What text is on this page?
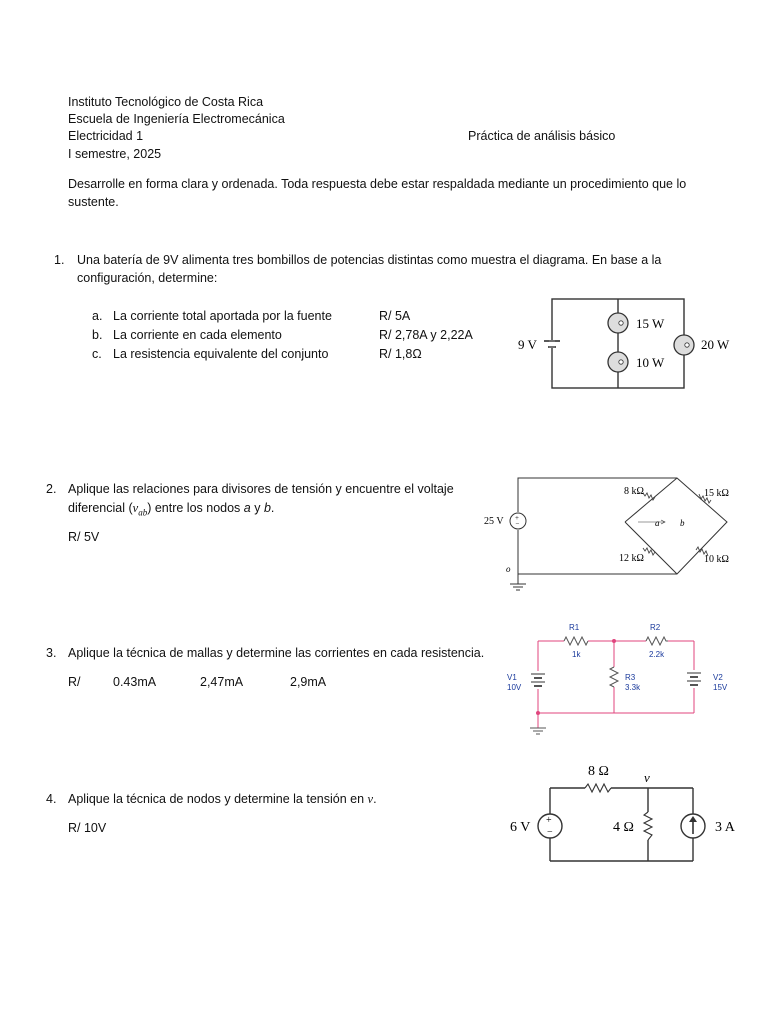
Instituto Tecnológico de Costa Rica
Escuela de Ingeniería Electromecánica
Electricidad 1
I semestre, 2025
Práctica de análisis básico
Desarrolle en forma clara y ordenada. Toda respuesta debe estar respaldada mediante un procedimiento que lo
sustente.
1. Una batería de 9V alimenta tres bombillos de potencias distintas como muestra el diagrama. En base a la
configuración, determine:
a. La corriente total aportada por la fuente	R/ 5A
b. La corriente en cada elemento	R/ 2,78A y 2,22A
c. La resistencia equivalente del conjunto	R/ 1,8Ω
9 V
15 W
10 W
20 W
2. Aplique las relaciones para divisores de tensión y encuentre el voltaje
diferencial $(v_{ab})$ entre los nodos a y b.
R/ 5V
+
−
25 V
8 kΩ	15 kΩ
12 kΩ	10 kΩ
a b
o
3. Aplique la técnica de mallas y determine las corrientes en cada resistencia.
R/	0.43mA	2,47mA	2,9mA
R1
1k
R2
2.2k
R3
3.3k
V1
10V
V2
15V
4. Aplique la técnica de nodos y determine la tensión en v.
R/ 10V
+
−
6 V
8 Ω	v
4 Ω	3 A
